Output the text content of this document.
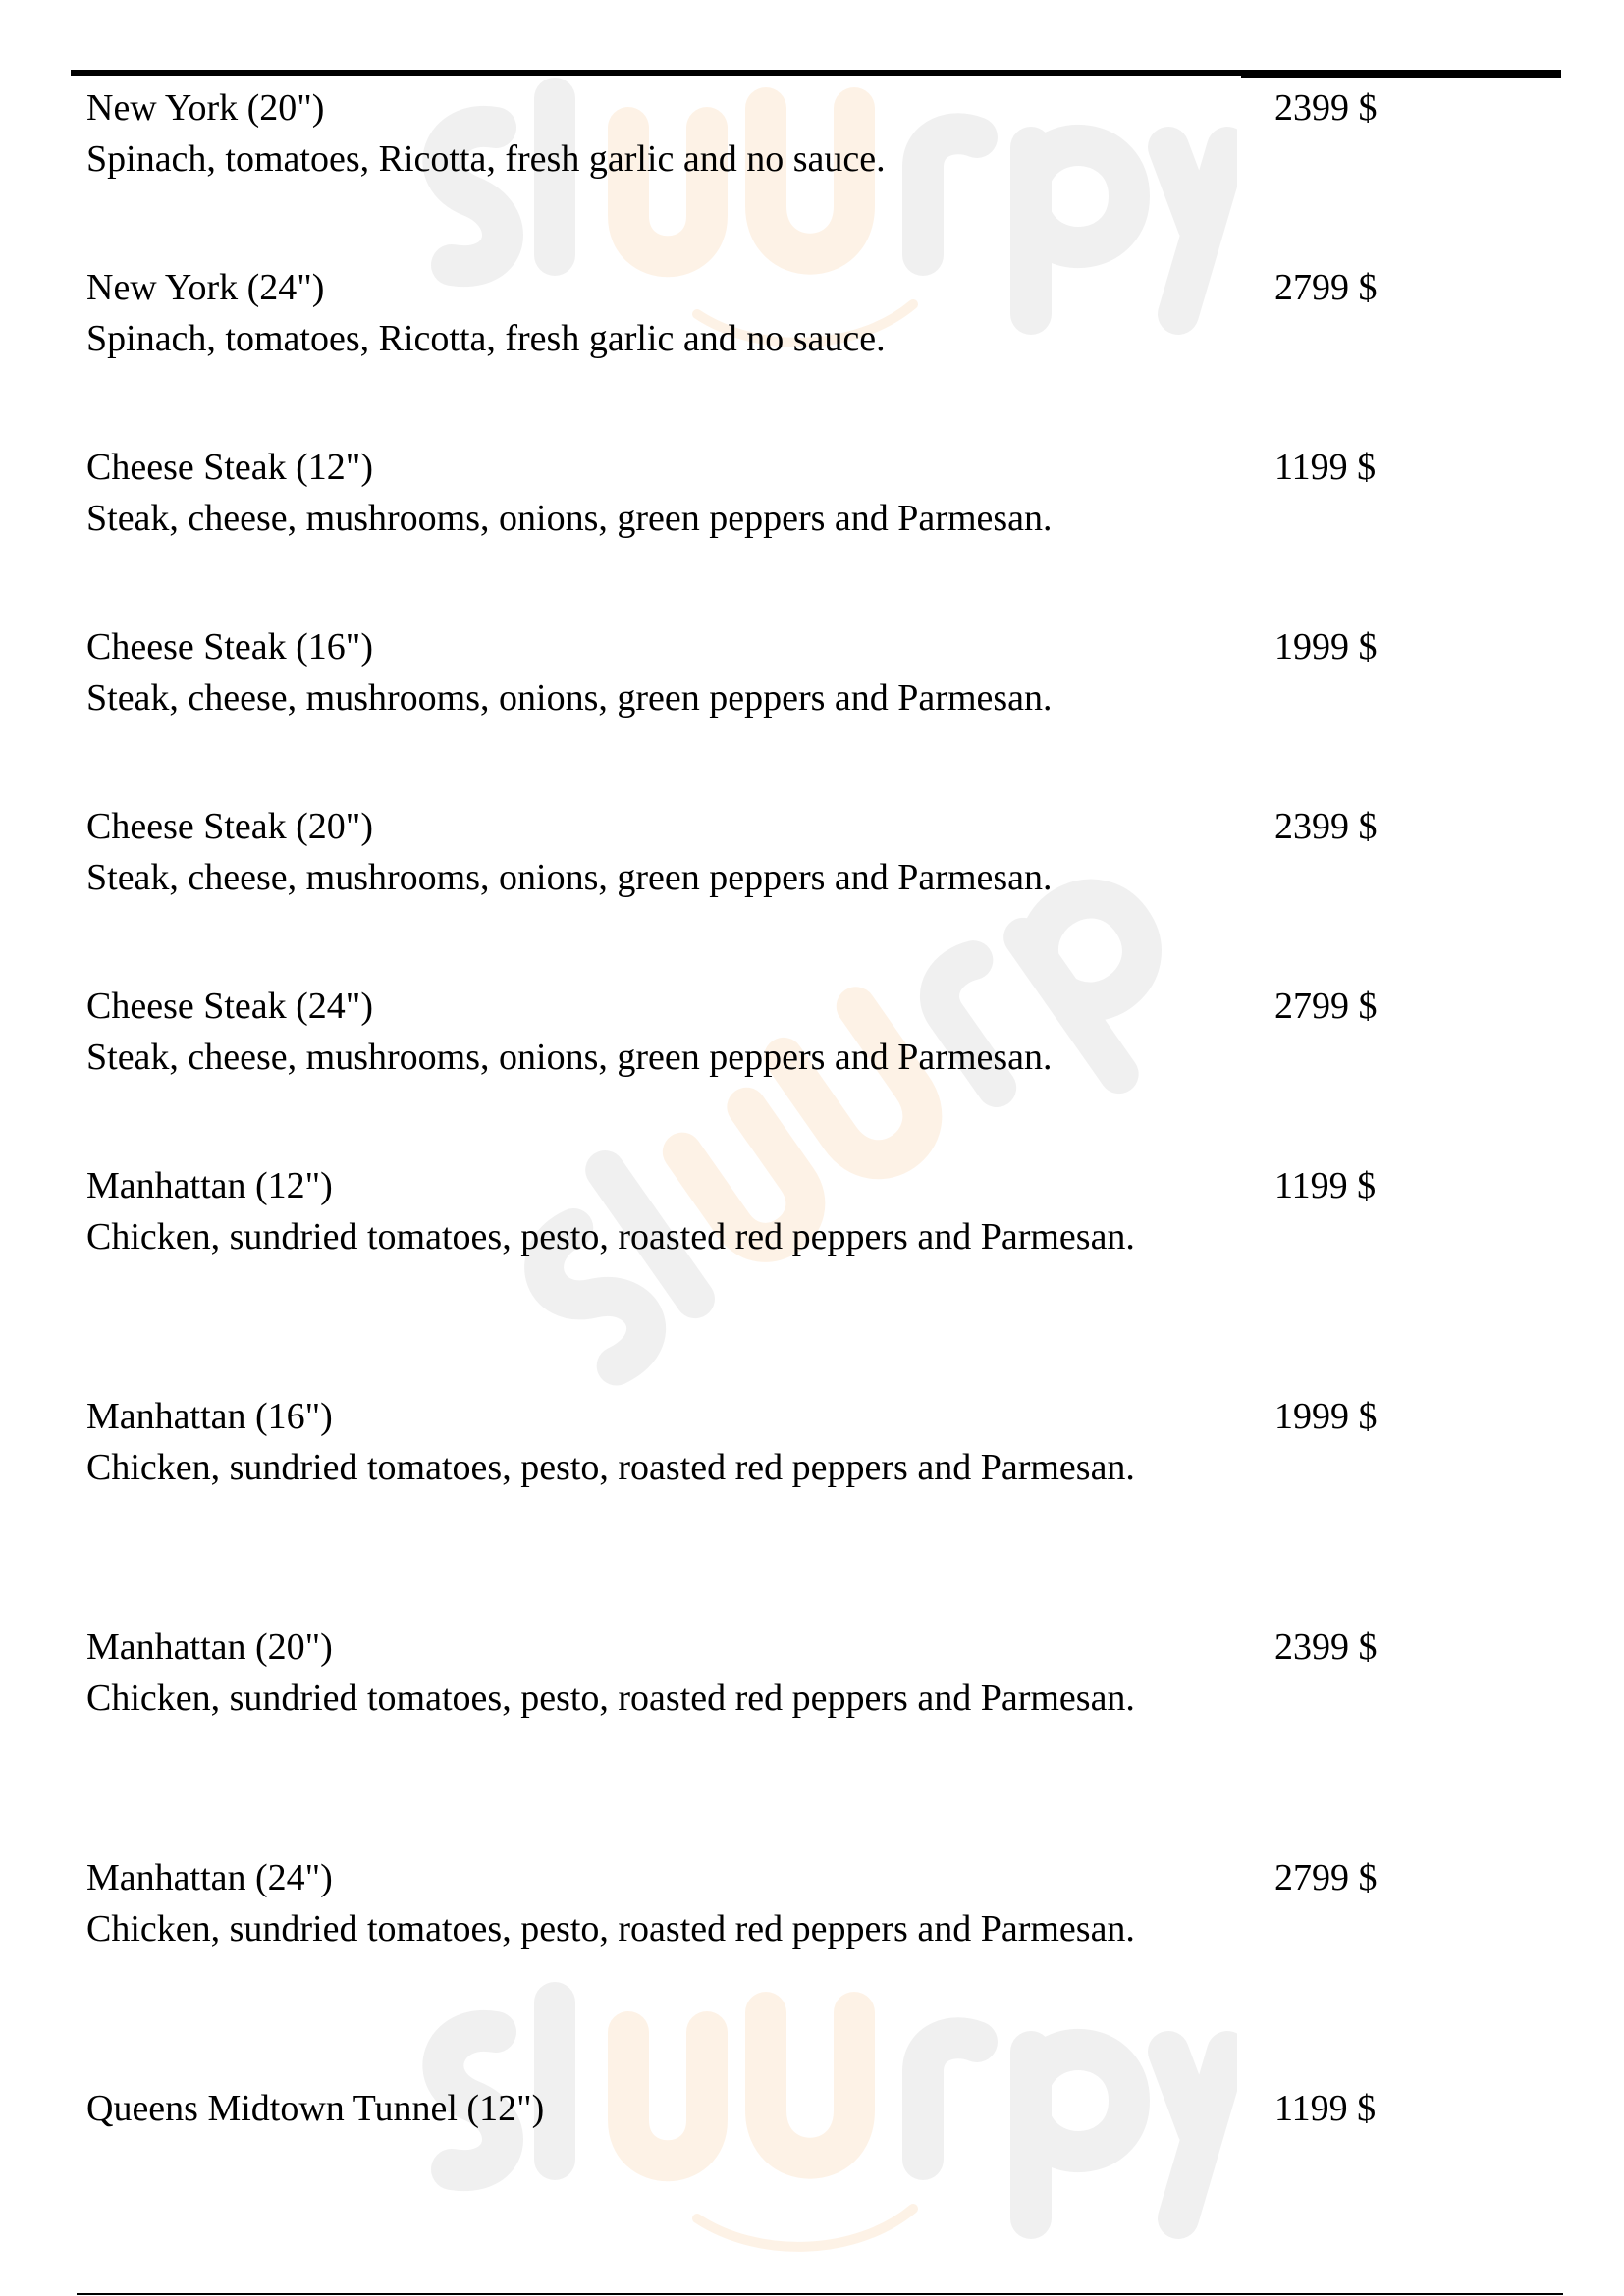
New York (20")
Spinach, tomatoes, Ricotta, fresh garlic and no sauce.
2399 $
New York (24")
Spinach, tomatoes, Ricotta, fresh garlic and no sauce.
2799 $
Cheese Steak (12")
Steak, cheese, mushrooms, onions, green peppers and Parmesan.
1199 $
Cheese Steak (16")
Steak, cheese, mushrooms, onions, green peppers and Parmesan.
1999 $
Cheese Steak (20")
Steak, cheese, mushrooms, onions, green peppers and Parmesan.
2399 $
Cheese Steak (24")
Steak, cheese, mushrooms, onions, green peppers and Parmesan.
2799 $
Manhattan (12")
Chicken, sundried tomatoes, pesto, roasted red peppers and Parmesan.
1199 $
Manhattan (16")
Chicken, sundried tomatoes, pesto, roasted red peppers and Parmesan.
1999 $
Manhattan (20")
Chicken, sundried tomatoes, pesto, roasted red peppers and Parmesan.
2399 $
Manhattan (24")
Chicken, sundried tomatoes, pesto, roasted red peppers and Parmesan.
2799 $
Queens Midtown Tunnel (12")	1199 $
